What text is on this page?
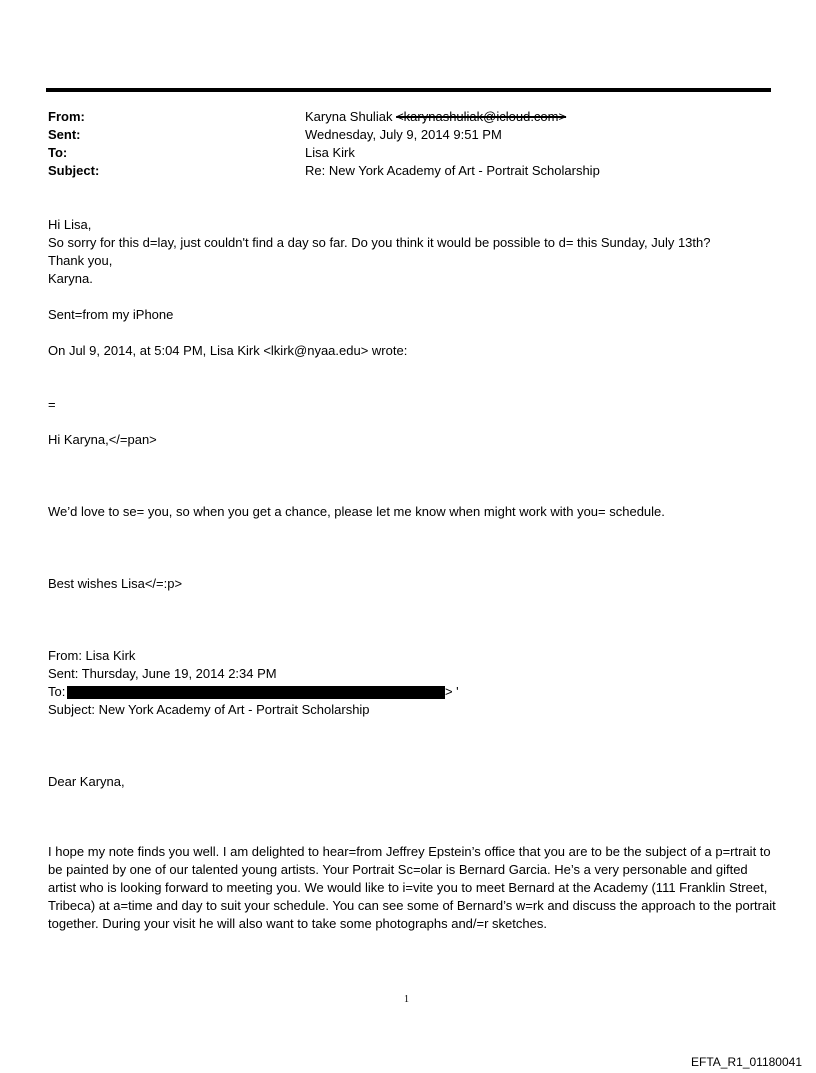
From:	Karyna Shuliak <karynashuliak@icloud.com>
Sent:	Wednesday, July 9, 2014 9:51 PM
To:	Lisa Kirk
Subject:	Re: New York Academy of Art - Portrait Scholarship
Hi Lisa,
So sorry for this d=lay, just couldn't find a day so far. Do you think it would be possible to d= this Sunday, July 13th?
Thank you,
Karyna.
Sent=from my iPhone
On Jul 9, 2014, at 5:04 PM, Lisa Kirk <lkirk@nyaa.edu> wrote:
=
Hi Karyna,</=pan>
We’d love to se= you, so when you get a chance, please let me know when might work with you= schedule.
Best wishes Lisa</=:p>
From: Lisa Kirk
Sent: Thursday, June 19, 2014 2:34 PM
To:	> '
Subject: New York Academy of Art - Portrait Scholarship
Dear Karyna,
I hope my note finds you well. I am delighted to hear=from Jeffrey Epstein’s office that you are to be the subject of a p=rtrait to be painted by one of our talented young artists. Your Portrait Sc=olar is Bernard Garcia. He’s a very personable and gifted artist who is looking forward to meeting you. We would like to i=vite you to meet Bernard at the Academy (111 Franklin Street, Tribeca) at a=time and day to suit your schedule. You can see some of Bernard’s w=rk and discuss the approach to the portrait together. During your visit he will also want to take some photographs and/=r sketches.
1
EFTA_R1_01180041
